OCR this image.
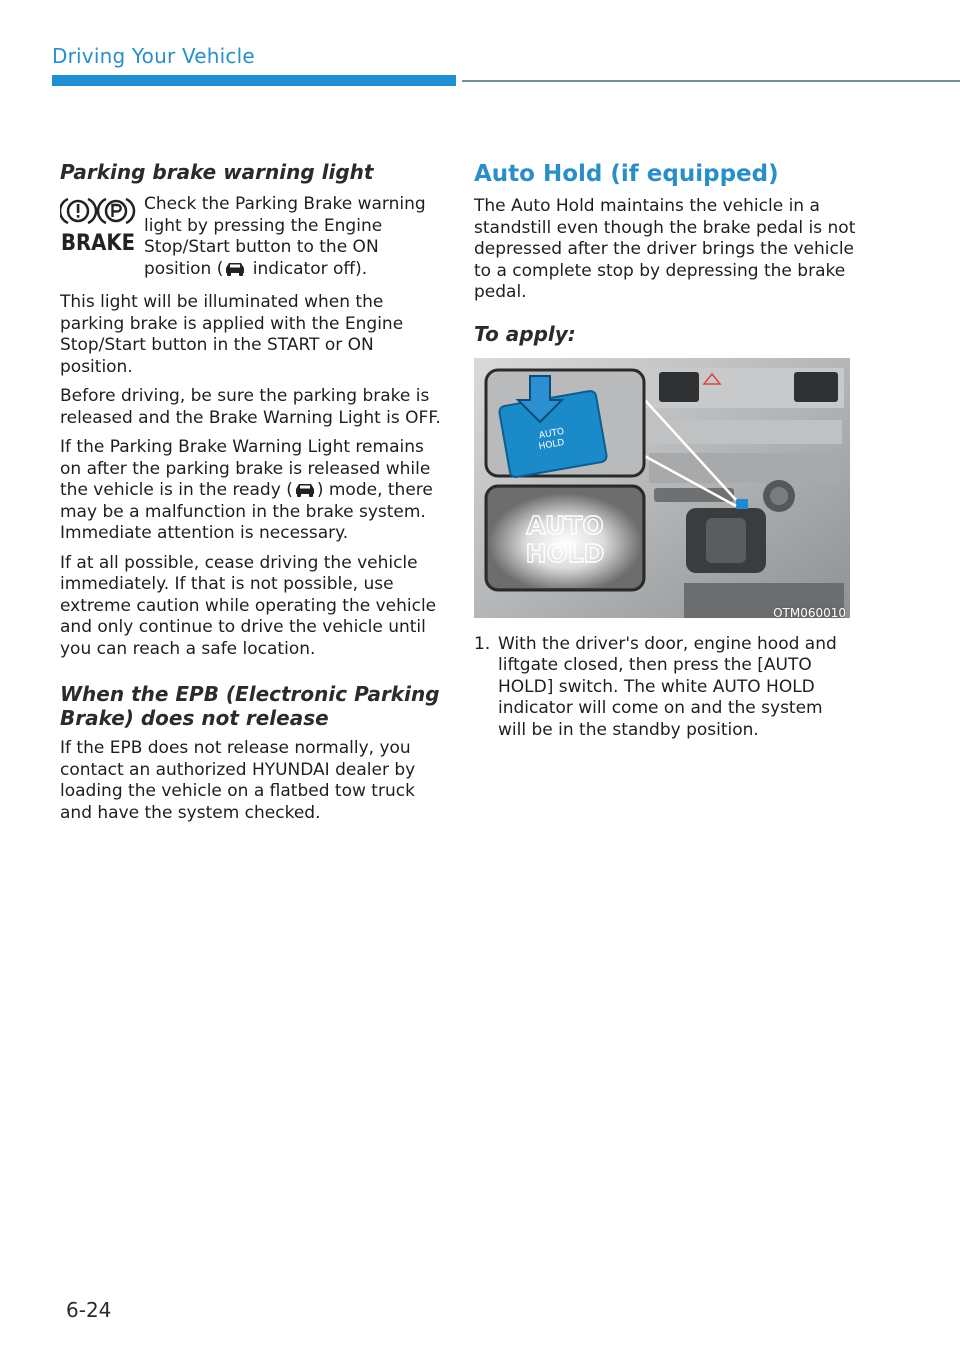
Driving Your Vehicle
Parking brake warning light
BRAKE

Check the Parking Brake warning light by pressing the Engine Stop/Start button to the ON position ( indicator off).

This light will be illuminated when the parking brake is applied with the Engine Stop/Start button in the START or ON position.

Before driving, be sure the parking brake is released and the Brake Warning Light is OFF.

If the Parking Brake Warning Light remains on after the parking brake is released while the vehicle is in the ready ( ) mode, there may be a malfunction in the brake system. Immediate attention is necessary.

If at all possible, cease driving the vehicle immediately. If that is not possible, use extreme caution while operating the vehicle and only continue to drive the vehicle until you can reach a safe location.

When the EPB (Electronic Parking Brake) does not release

If the EPB does not release normally, you contact an authorized HYUNDAI dealer by loading the vehicle on a flatbed tow truck and have the system checked.

Auto Hold (if equipped)

The Auto Hold maintains the vehicle in a standstill even though the brake pedal is not depressed after the driver brings the vehicle to a complete stop by depressing the brake pedal.

To apply:
AUTO
HOLD
AUTO
HOLD
OTM060010
1. With the driver's door, engine hood and liftgate closed, then press the [AUTO HOLD] switch. The white AUTO HOLD indicator will come on and the system will be in the standby position.
6-24
